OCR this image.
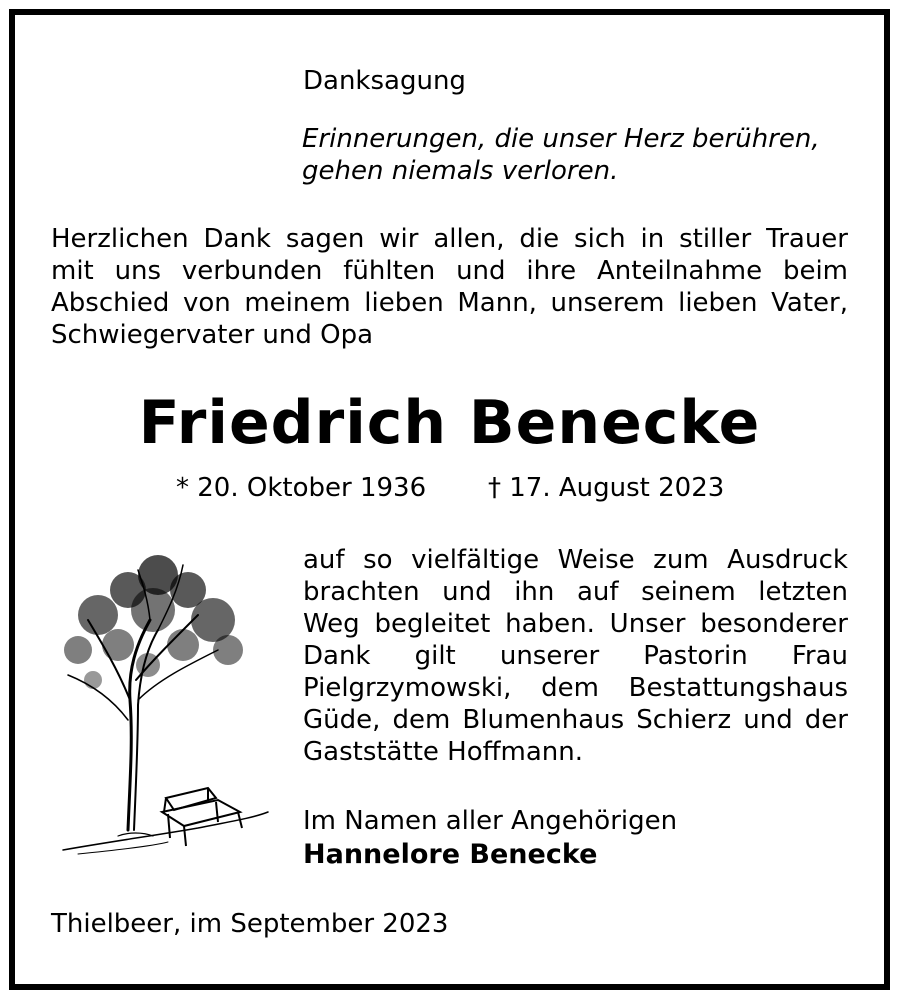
Danksagung

Erinnerungen, die unser Herz berühren,

gehen niemals verloren.

Herzlichen Dank sagen wir allen, die sich in stiller Trauer

mit uns verbunden fühlten und ihre Anteilnahme beim

Abschied von meinem lieben Mann, unserem lieben Vater,

Schwiegervater und Opa

Friedrich Benecke

* 20. Oktober 1936 † 17. August 2023

auf so vielfältige Weise zum Ausdruck

brachten und ihn auf seinem letzten

Weg begleitet haben. Unser besonderer

Dank gilt unserer Pastorin Frau

Pielgrzymowski, dem Bestattungshaus

Güde, dem Blumenhaus Schierz und der

Gaststätte Hoffmann.

Im Namen aller Angehörigen

Hannelore Benecke

Thielbeer, im September 2023
